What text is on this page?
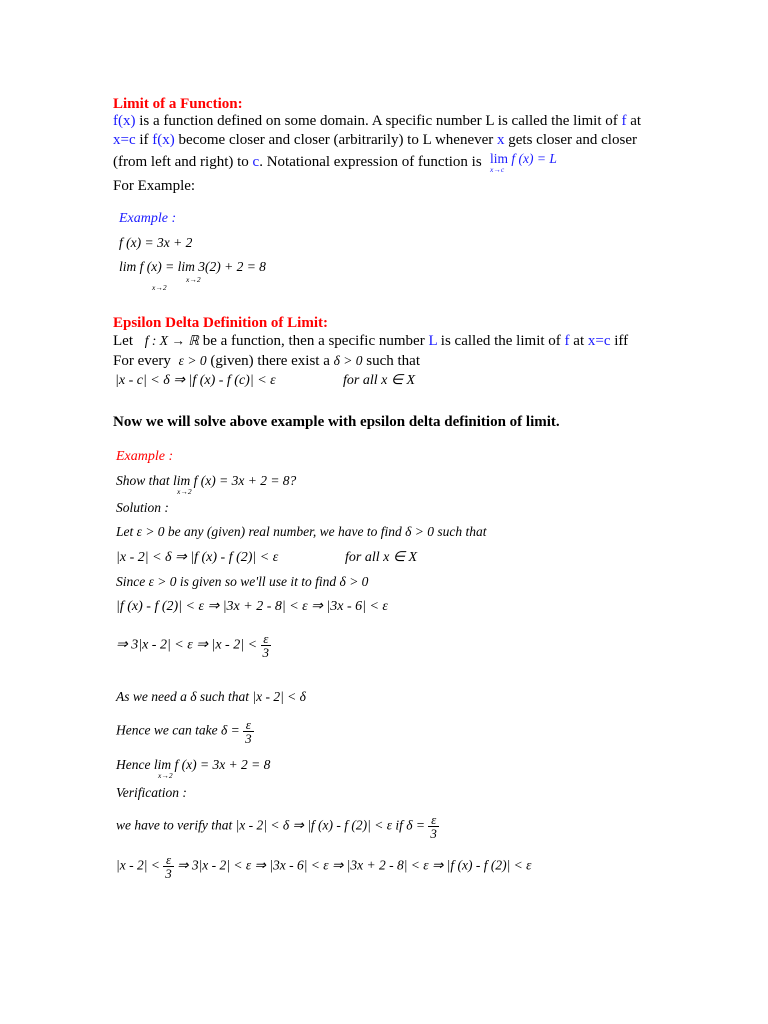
Limit of a Function:
f(x) is a function defined on some domain. A specific number L is called the limit of f at
x=c if f(x) become closer and closer (arbitrarily) to L whenever x gets closer and closer
(from left and right) to c. Notational expression of function is lim f (x) = L
x→c
For Example:
Example :
f (x) = 3x + 2
lim f (x) = lim 3(2) + 2 = 8
x→2
x→2
Epsilon Delta Definition of Limit:
Let f : X → ℝ be a function, then a specific number L is called the limit of f at x=c iff
For every ε > 0 (given) there exist a δ > 0 such that
|x - c| < δ ⇒ |f (x) - f (c)| < ε	for all x ∈ X
Now we will solve above example with epsilon delta definition of limit.
Example :
Show that lim f (x) = 3x + 2 = 8?
x→2
Solution :
Let ε > 0 be any (given) real number, we have to find δ > 0 such that
|x - 2| < δ ⇒ |f (x) - f (2)| < ε	for all x ∈ X
Since ε > 0 is given so we'll use it to find δ > 0
|f (x) - f (2)| < ε ⇒ |3x + 2 - 8| < ε ⇒ |3x - 6| < ε
⇒ 3|x - 2| < ε ⇒ $|x - 2| < \frac{\varepsilon}{3}$
As we need a δ such that |x - 2| < δ
Hence we can take $\delta = \frac{\varepsilon}{3}$
Hence lim f (x) = 3x + 2 = 8
x→2
Verification :
we have to verify that |x - 2| < δ ⇒ |f (x) - f (2)| < ε if $\delta = \frac{\varepsilon}{3}$
$|x - 2| < \frac{\varepsilon}{3}$ ⇒ 3|x - 2| < ε ⇒ |3x - 6| < ε ⇒ |3x + 2 - 8| < ε ⇒ |f (x) - f (2)| < ε
